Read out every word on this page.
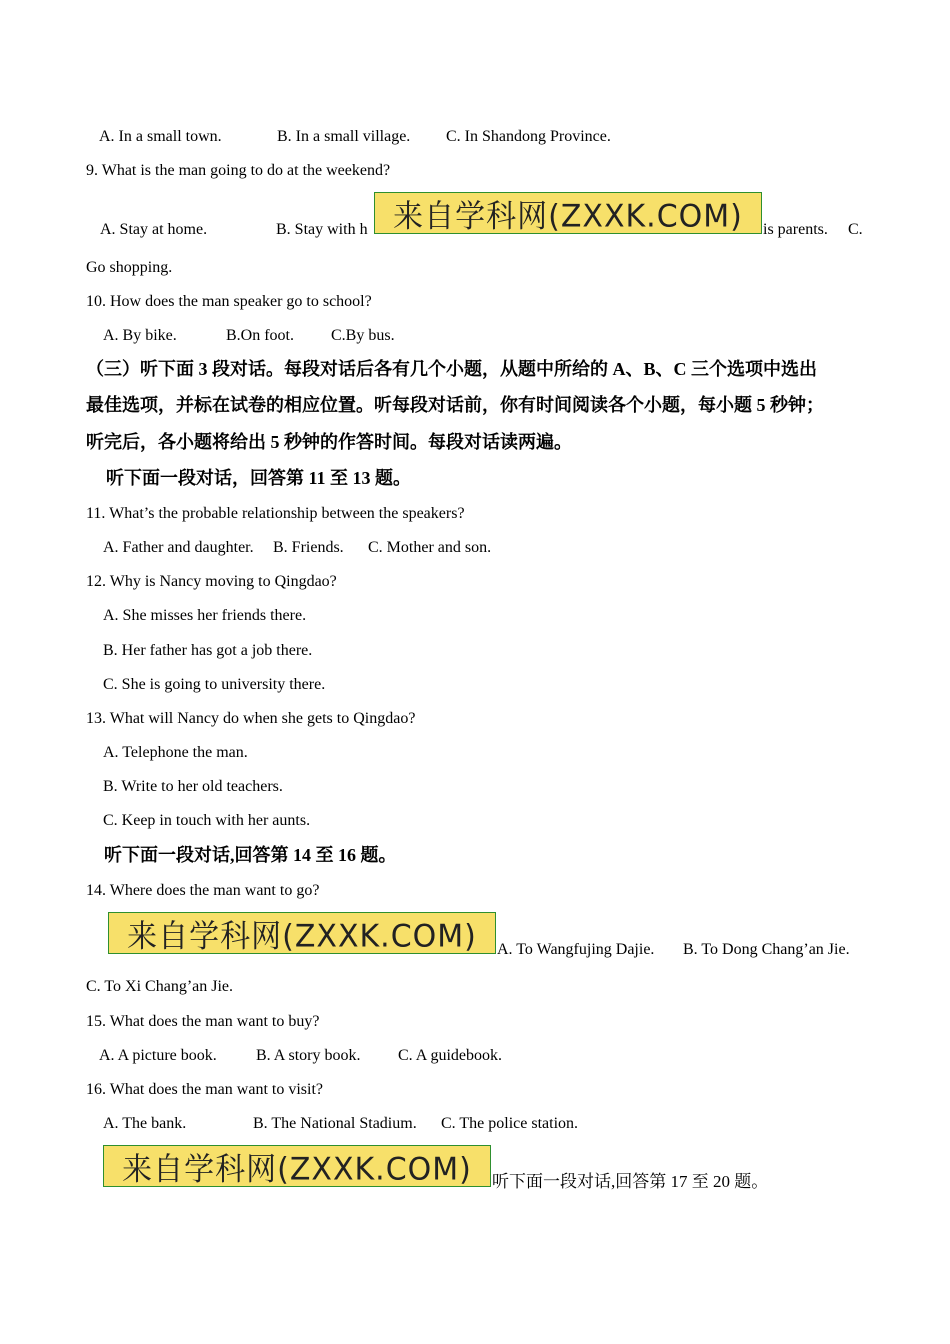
A. In a small town.	B. In a small village. C. In Shandong Province.
9. What is the man going to do at the weekend?
A. Stay at home.	B. Stay with h 来自学科网(ZXXK.COM) is parents. C.
Go shopping.
10. How does the man speaker go to school?
A. By bike.	B.On foot. C.By bus.
（三）听下面 3 段对话。每段对话后各有几个小题，从题中所给的 A、B、C 三个选项中选出
最佳选项，并标在试卷的相应位置。听每段对话前，你有时间阅读各个小题，每小题 5 秒钟；
听完后，各小题将给出 5 秒钟的作答时间。每段对话读两遍。
听下面一段对话，回答第 11 至 13 题。
11. What’s the probable relationship between the speakers?
A. Father and daughter. B. Friends. C. Mother and son.
12. Why is Nancy moving to Qingdao?
A. She misses her friends there.
B. Her father has got a job there.
C. She is going to university there.
13. What will Nancy do when she gets to Qingdao?
A. Telephone the man.
B. Write to her old teachers.
C. Keep in touch with her aunts.
听下面一段对话,回答第 14 至 16 题。
14. Where does the man want to go?
来自学科网(ZXXK.COM) A. To Wangfujing Dajie. B. To Dong Chang’an Jie.
C. To Xi Chang’an Jie.
15. What does the man want to buy?
A. A picture book. B. A story book. C. A guidebook.
16. What does the man want to visit?
A. The bank.	B. The National Stadium. C. The police station.
来自学科网(ZXXK.COM) 听下面一段对话,回答第 17 至 20 题。
